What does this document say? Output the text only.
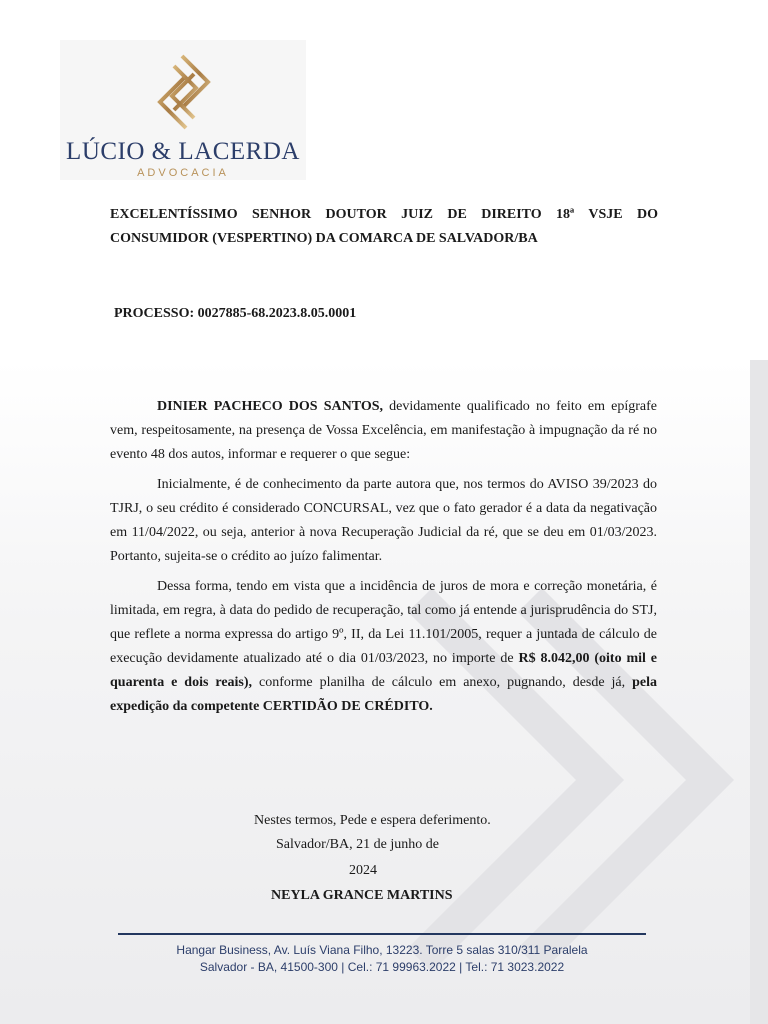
LÚCIO & LACERDA
ADVOCACIA
EXCELENTÍSSIMO SENHOR DOUTOR JUIZ DE DIREITO 18ª VSJE DO CONSUMIDOR (VESPERTINO) DA COMARCA DE SALVADOR/BA
PROCESSO: 0027885-68.2023.8.05.0001

DINIER PACHECO DOS SANTOS, devidamente qualificado no feito em epígrafe vem, respeitosamente, na presença de Vossa Excelência, em manifestação à impugnação da ré no evento 48 dos autos, informar e requerer o que segue:

Inicialmente, é de conhecimento da parte autora que, nos termos do AVISO 39/2023 do TJRJ, o seu crédito é considerado CONCURSAL, vez que o fato gerador é a data da negativação em 11/04/2022, ou seja, anterior à nova Recuperação Judicial da ré, que se deu em 01/03/2023. Portanto, sujeita-se o crédito ao juízo falimentar.

Dessa forma, tendo em vista que a incidência de juros de mora e correção monetária, é limitada, em regra, à data do pedido de recuperação, tal como já entende a jurisprudência do STJ, que reflete a norma expressa do artigo 9º, II, da Lei 11.101/2005, requer a juntada de cálculo de execução devidamente atualizado até o dia 01/03/2023, no importe de R$ 8.042,00 (oito mil e quarenta e dois reais), conforme planilha de cálculo em anexo, pugnando, desde já, pela expedição da competente CERTIDÃO DE CRÉDITO.

Nestes termos, Pede e espera deferimento.
Salvador/BA, 21 de junho de
2024
NEYLA GRANCE MARTINS
Hangar Business, Av. Luís Viana Filho, 13223. Torre 5 salas 310/311 Paralela
Salvador - BA, 41500-300 | Cel.: 71 99963.2022 | Tel.: 71 3023.2022
